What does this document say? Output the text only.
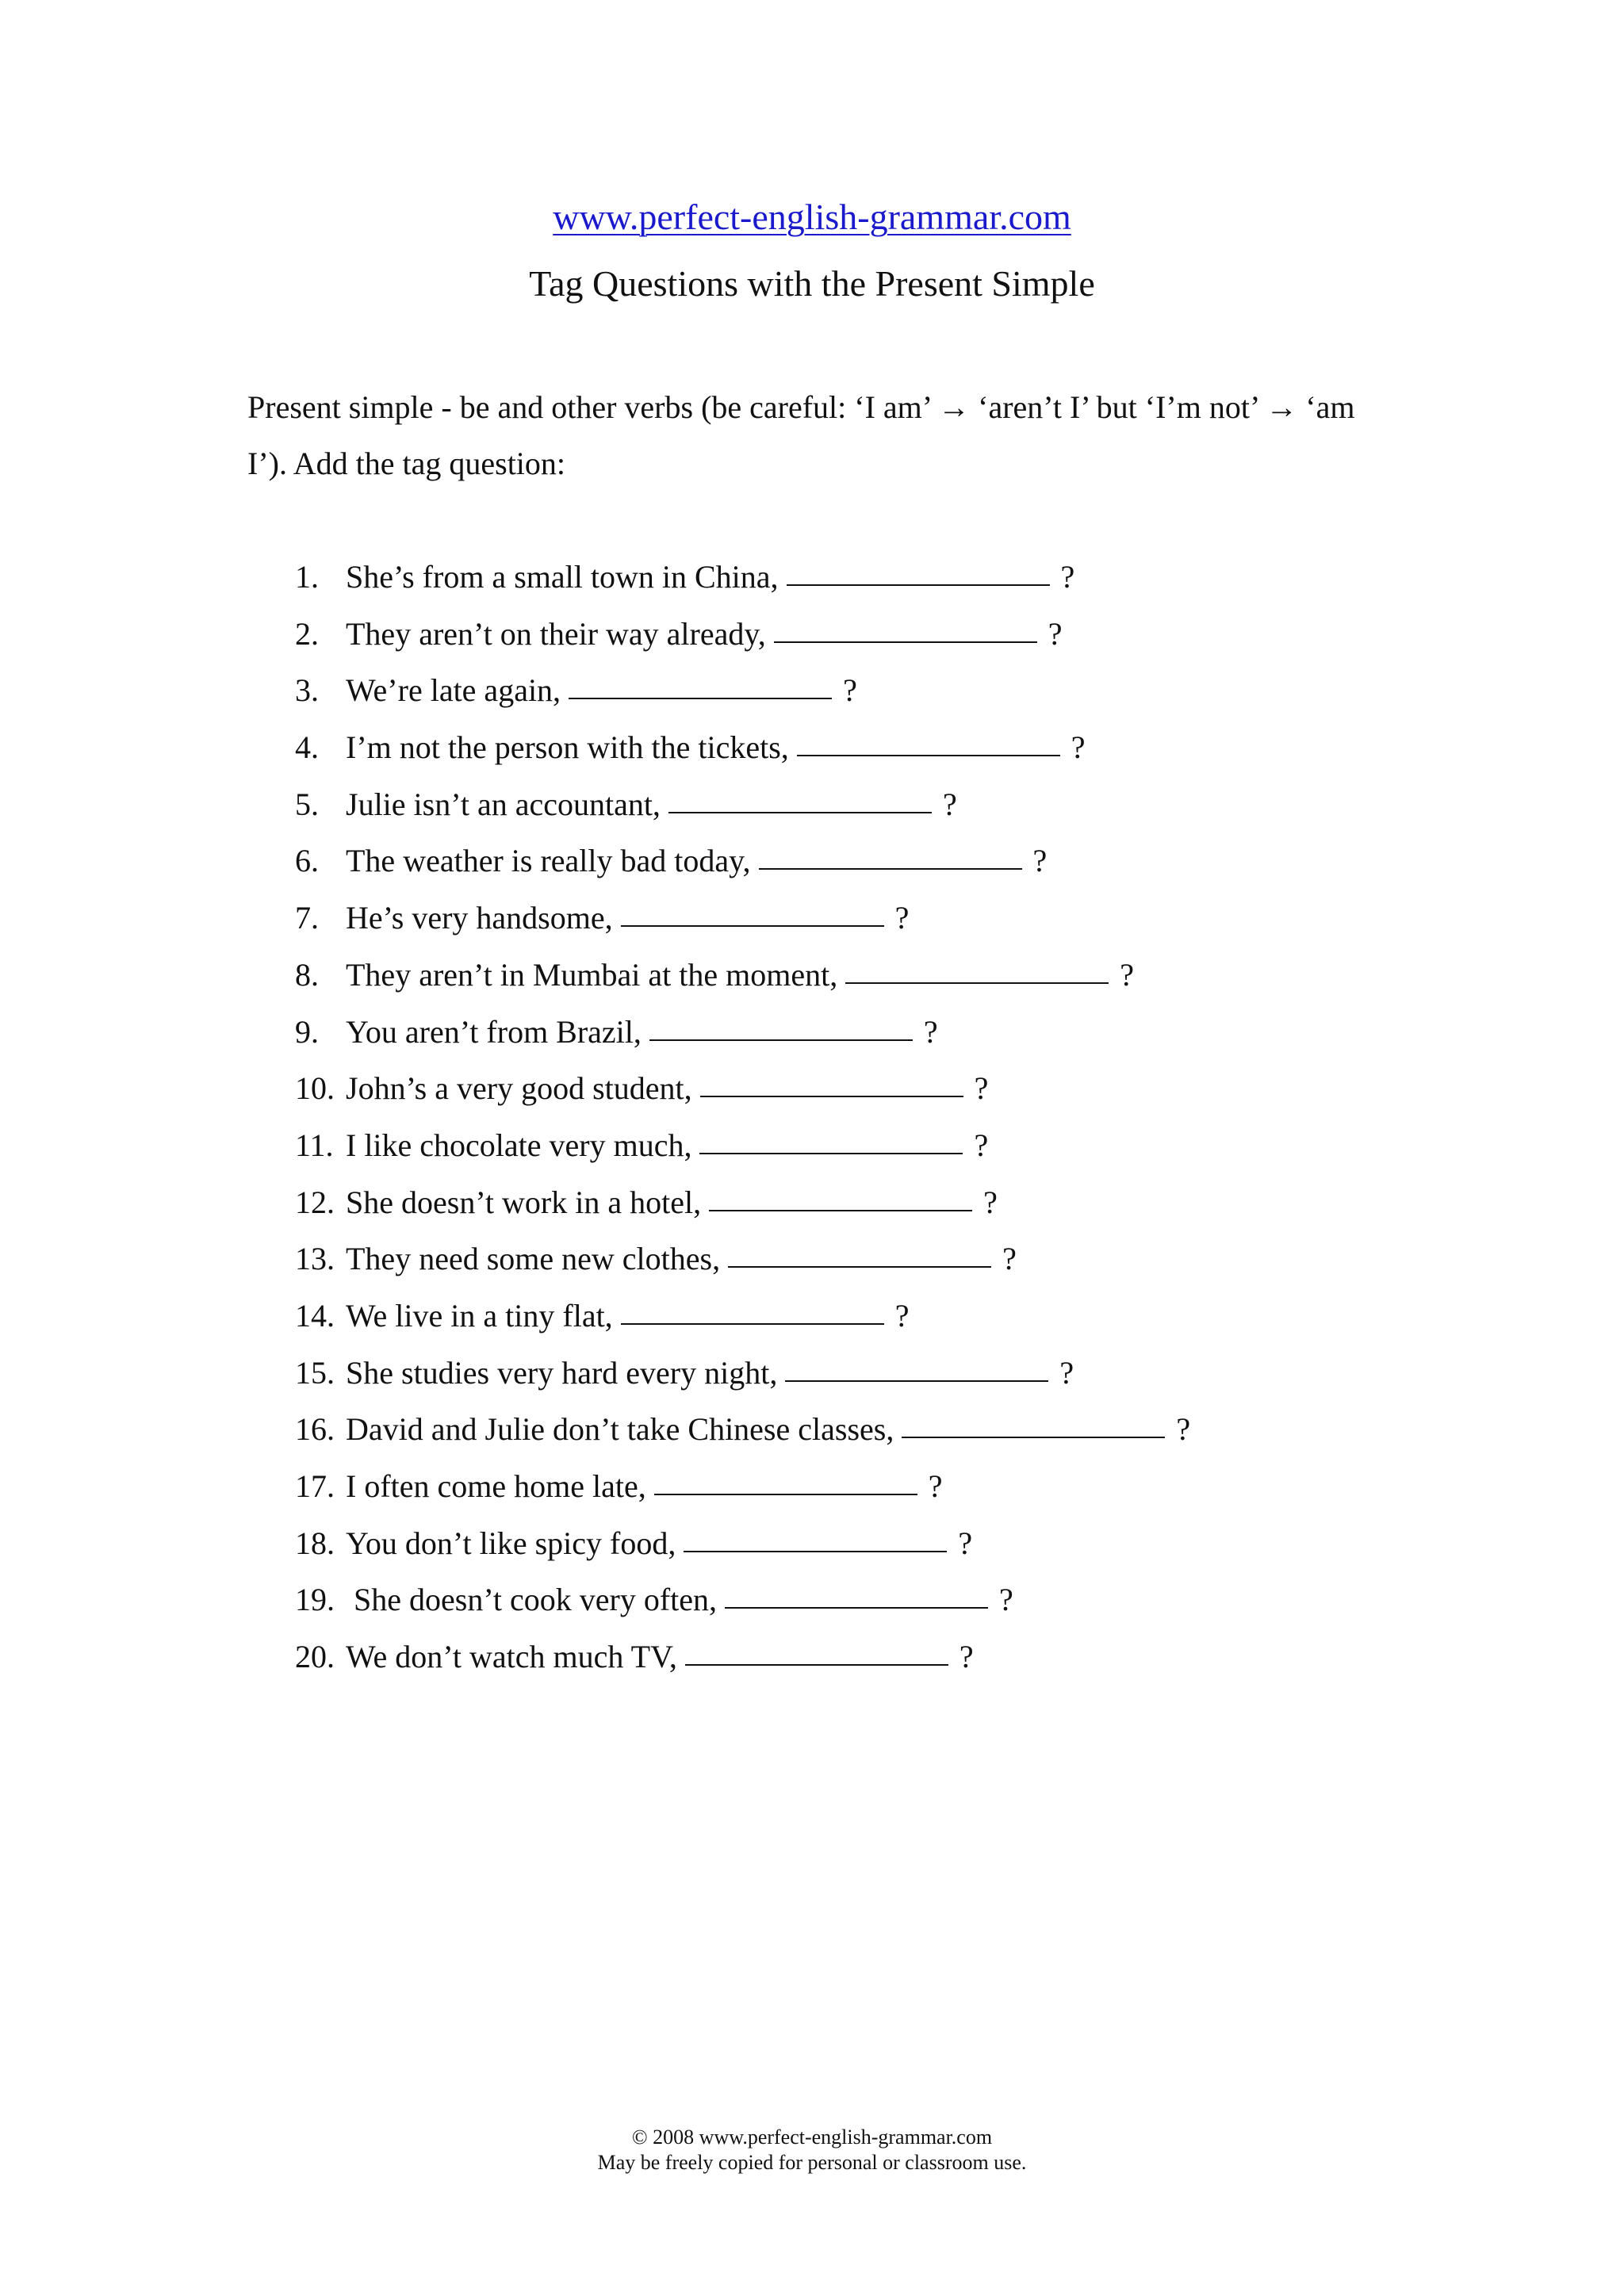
www.perfect-english-grammar.com
Tag Questions with the Present Simple

Present simple - be and other verbs (be careful: ‘I am’ → ‘aren’t I’ but ‘I’m not’ → ‘am I’). Add the tag question:

1. She’s from a small town in China,	?
2. They aren’t on their way already,	?
3. We’re late again,	?
4. I’m not the person with the tickets,	?
5. Julie isn’t an accountant,	?
6. The weather is really bad today,	?
7. He’s very handsome,	?
8. They aren’t in Mumbai at the moment,	?
9. You aren’t from Brazil,	?
10. John’s a very good student,	?
11. I like chocolate very much,	?
12. She doesn’t work in a hotel,	?
13. They need some new clothes,	?
14. We live in a tiny flat,	?
15. She studies very hard every night,	?
16. David and Julie don’t take Chinese classes,	?
17. I often come home late,	?
18. You don’t like spicy food,	?
19. She doesn’t cook very often,	?
20. We don’t watch much TV,	?
© 2008 www.perfect-english-grammar.com
May be freely copied for personal or classroom use.
